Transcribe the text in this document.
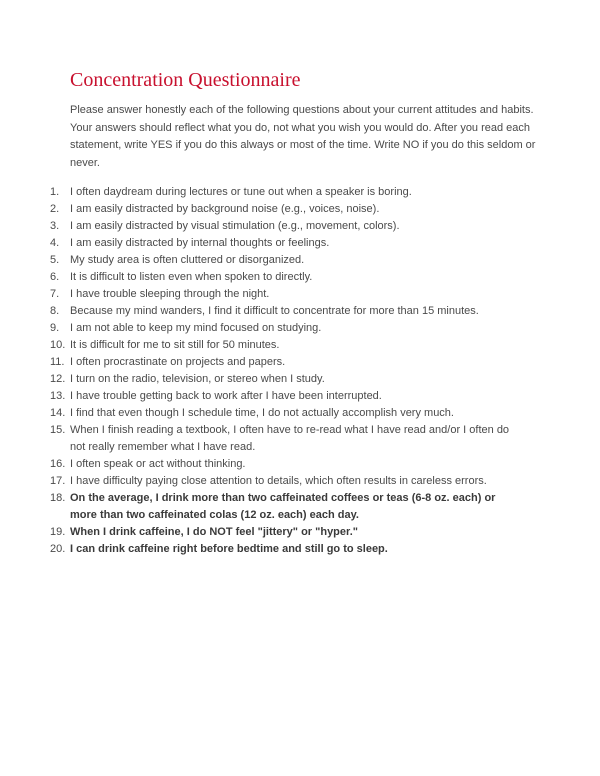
Concentration Questionnaire

Please answer honestly each of the following questions about your current attitudes and habits. Your answers should reflect what you do, not what you wish you would do. After you read each statement, write YES if you do this always or most of the time. Write NO if you do this seldom or never.

1. I often daydream during lectures or tune out when a speaker is boring.
2. I am easily distracted by background noise (e.g., voices, noise).
3. I am easily distracted by visual stimulation (e.g., movement, colors).
4. I am easily distracted by internal thoughts or feelings.
5. My study area is often cluttered or disorganized.
6. It is difficult to listen even when spoken to directly.
7. I have trouble sleeping through the night.
8. Because my mind wanders, I find it difficult to concentrate for more than 15 minutes.
9. I am not able to keep my mind focused on studying.
10. It is difficult for me to sit still for 50 minutes.
11. I often procrastinate on projects and papers.
12. I turn on the radio, television, or stereo when I study.
13. I have trouble getting back to work after I have been interrupted.
14. I find that even though I schedule time, I do not actually accomplish very much.
15. When I finish reading a textbook, I often have to re-read what I have read and/or I often do not really remember what I have read.
16. I often speak or act without thinking.
17. I have difficulty paying close attention to details, which often results in careless errors.
18. On the average, I drink more than two caffeinated coffees or teas (6-8 oz. each) or more than two caffeinated colas (12 oz. each) each day.
19. When I drink caffeine, I do NOT feel "jittery" or "hyper."
20. I can drink caffeine right before bedtime and still go to sleep.
